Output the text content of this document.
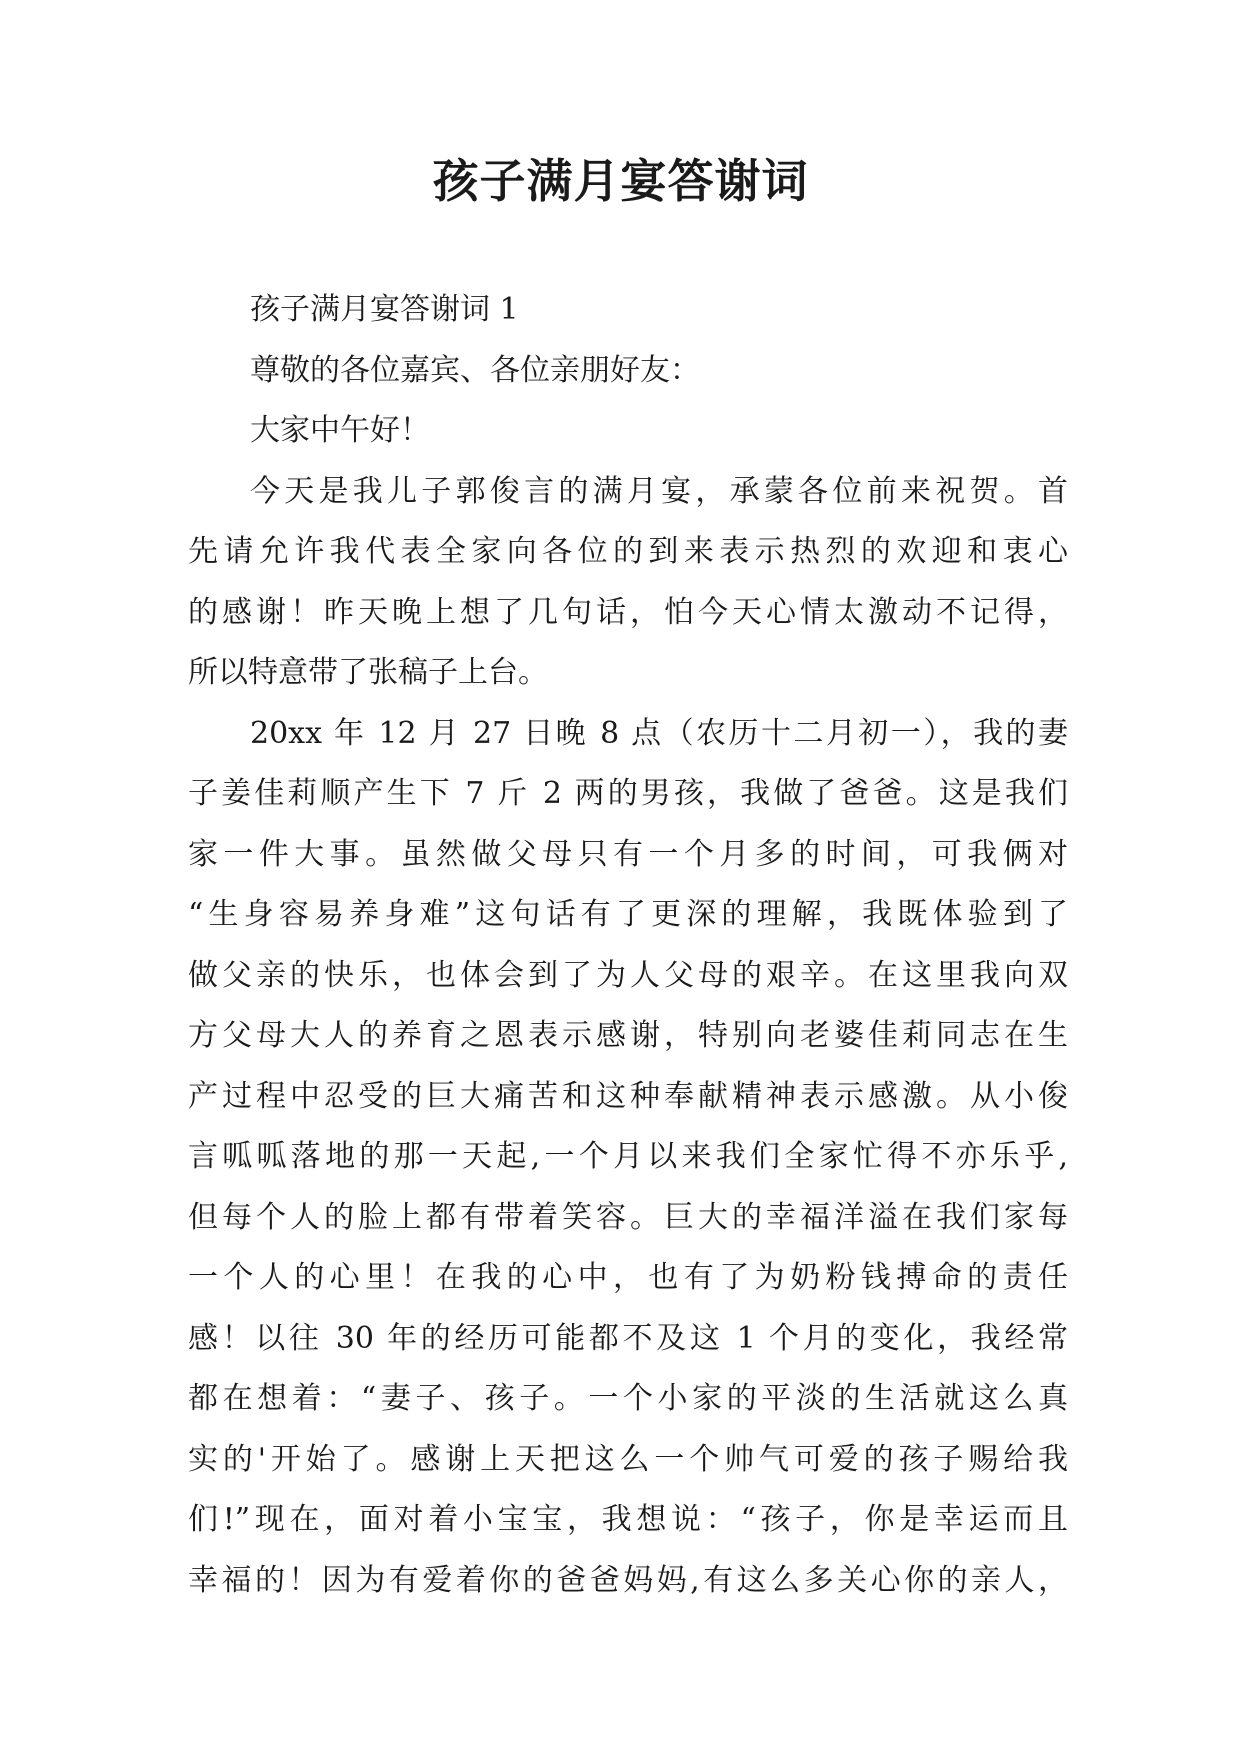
孩子满月宴答谢词
孩子满月宴答谢词 1
尊敬的各位嘉宾、各位亲朋好友：
大家中午好！
今天是我儿子郭俊言的满月宴，承蒙各位前来祝贺。首
先请允许我代表全家向各位的到来表示热烈的欢迎和衷心
的感谢！昨天晚上想了几句话，怕今天心情太激动不记得，
所以特意带了张稿子上台。
20xx 年 12 月 27 日晚 8 点（农历十二月初一），我的妻
子姜佳莉顺产生下 7 斤 2 两的男孩，我做了爸爸。这是我们
家一件大事。虽然做父母只有一个月多的时间，可我俩对
“生身容易养身难”这句话有了更深的理解，我既体验到了
做父亲的快乐，也体会到了为人父母的艰辛。在这里我向双
方父母大人的养育之恩表示感谢，特别向老婆佳莉同志在生
产过程中忍受的巨大痛苦和这种奉献精神表示感激。从小俊
言呱呱落地的那一天起,一个月以来我们全家忙得不亦乐乎,
但每个人的脸上都有带着笑容。巨大的幸福洋溢在我们家每
一个人的心里！在我的心中，也有了为奶粉钱搏命的责任
感！以往 30 年的经历可能都不及这 1 个月的变化，我经常
都在想着：“妻子、孩子。一个小家的平淡的生活就这么真
实的'开始了。感谢上天把这么一个帅气可爱的孩子赐给我
们!”现在，面对着小宝宝，我想说：“孩子，你是幸运而且
幸福的！因为有爱着你的爸爸妈妈,有这么多关心你的亲人，
